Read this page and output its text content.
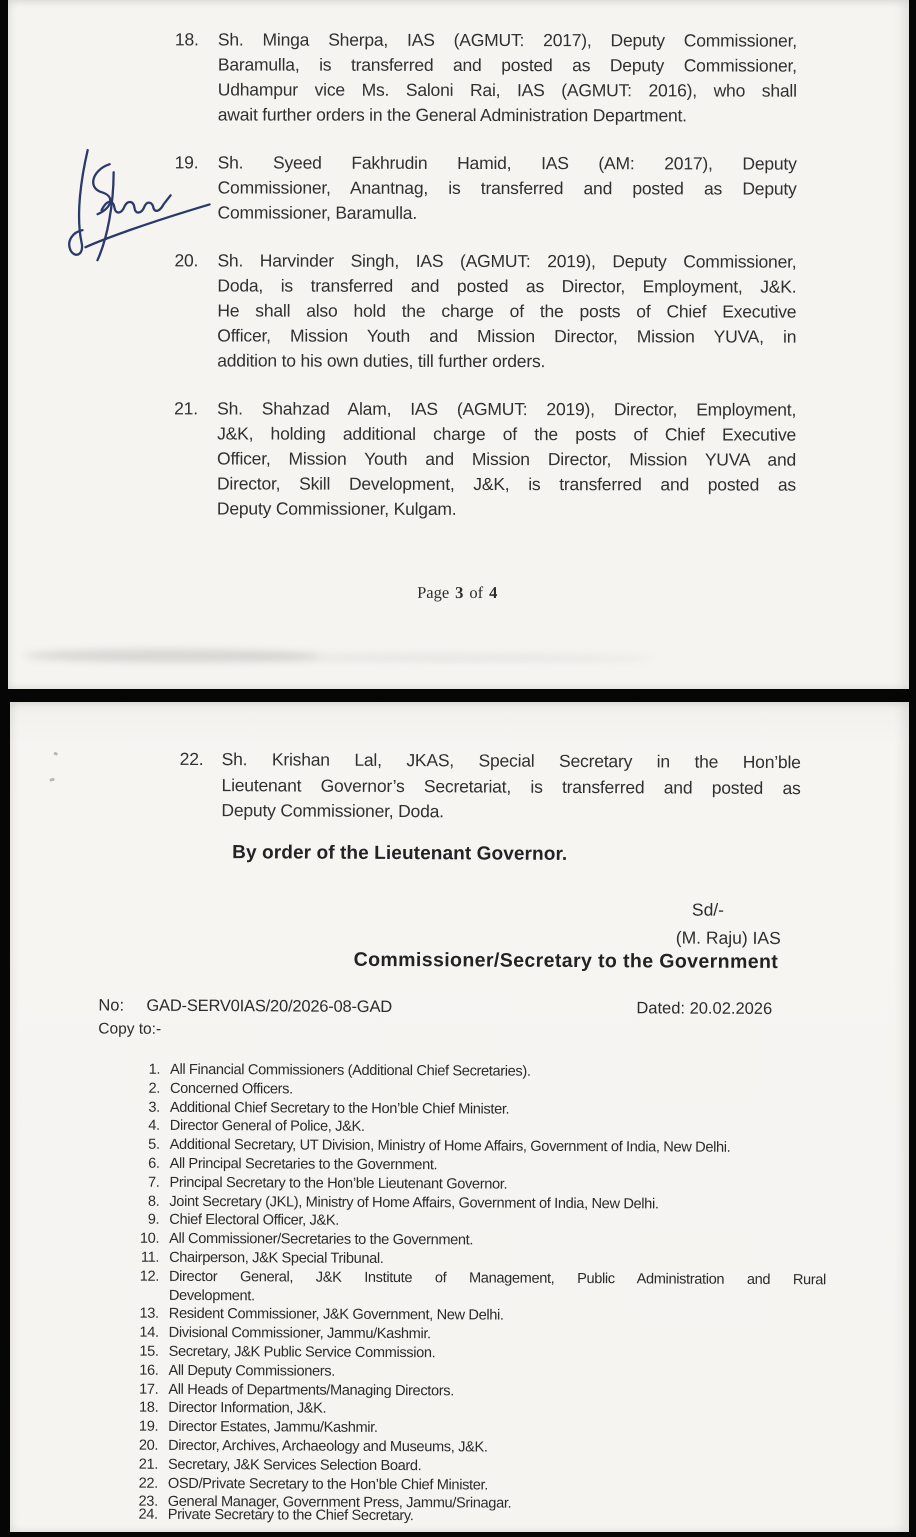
18.	Sh. Minga Sherpa, IAS (AGMUT: 2017), Deputy Commissioner,
Baramulla, is transferred and posted as Deputy Commissioner,
Udhampur vice Ms. Saloni Rai, IAS (AGMUT: 2016), who shall
await further orders in the General Administration Department.
19.	Sh. Syeed Fakhrudin Hamid, IAS (AM: 2017), Deputy
Commissioner, Anantnag, is transferred and posted as Deputy
Commissioner, Baramulla.
20.	Sh. Harvinder Singh, IAS (AGMUT: 2019), Deputy Commissioner,
Doda, is transferred and posted as Director, Employment, J&K.
He shall also hold the charge of the posts of Chief Executive
Officer, Mission Youth and Mission Director, Mission YUVA, in
addition to his own duties, till further orders.
21.	Sh. Shahzad Alam, IAS (AGMUT: 2019), Director, Employment,
J&K, holding additional charge of the posts of Chief Executive
Officer, Mission Youth and Mission Director, Mission YUVA and
Director, Skill Development, J&K, is transferred and posted as
Deputy Commissioner, Kulgam.
Page 3 of 4
22.	Sh. Krishan Lal, JKAS, Special Secretary in the Hon’ble
Lieutenant Governor’s Secretariat, is transferred and posted as
Deputy Commissioner, Doda.
By order of the Lieutenant Governor.
Sd/-
(M. Raju) IAS
Commissioner/Secretary to the Government
No: GAD-SERV0IAS/20/2026-08-GAD	Dated: 20.02.2026
Copy to:-
1. All Financial Commissioners (Additional Chief Secretaries).
2. Concerned Officers.
3. Additional Chief Secretary to the Hon’ble Chief Minister.
4. Director General of Police, J&K.
5. Additional Secretary, UT Division, Ministry of Home Affairs, Government of India, New Delhi.
6. All Principal Secretaries to the Government.
7. Principal Secretary to the Hon’ble Lieutenant Governor.
8. Joint Secretary (JKL), Ministry of Home Affairs, Government of India, New Delhi.
9. Chief Electoral Officer, J&K.
10. All Commissioner/Secretaries to the Government.
11. Chairperson, J&K Special Tribunal.
12. Director General, J&K Institute of Management, Public Administration and Rural
Development.
13. Resident Commissioner, J&K Government, New Delhi.
14. Divisional Commissioner, Jammu/Kashmir.
15. Secretary, J&K Public Service Commission.
16. All Deputy Commissioners.
17. All Heads of Departments/Managing Directors.
18. Director Information, J&K.
19. Director Estates, Jammu/Kashmir.
20. Director, Archives, Archaeology and Museums, J&K.
21. Secretary, J&K Services Selection Board.
22. OSD/Private Secretary to the Hon’ble Chief Minister.
23. General Manager, Government Press, Jammu/Srinagar.
24. Private Secretary to the Chief Secretary.
